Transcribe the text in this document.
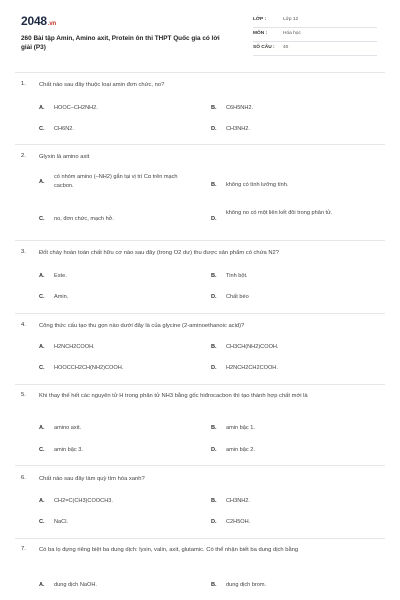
2048.vn
260 Bài tập Amin, Amino axit, Protein ôn thi THPT Quốc gia có lời giải (P3)
LỚP :	Lớp 12
MÔN :	Hóa học
SỐ CÂU : 40
1. Chất nào sau đây thuộc loại amin đơn chức, no?
A. HOOC–CH2NH2.	B. C6H5NH2.
C. CH6N2.	D. CH3NH2.
2. Glyxin là amino axit
A.
có nhóm amino (–NH2) gắn tại vị trí Cα trên mạch cacbon.	B. không có tính lưỡng tính.
C. no, đơn chức, mạch hở.	D.
không no có một liên kết đôi trong phân tử.
3. Đốt cháy hoàn toàn chất hữu cơ nào sau đây (trong O2 dư) thu được sản phẩm có chứa N2?
A. Este.	B. Tinh bột.
C. Amin.	D. Chất béo
4. Công thức cấu tạo thu gọn nào dưới đây là của glycine (2-aminoethanoic acid)?
A. H2NCH2COOH.	B. CH3CH(NH2)COOH.
C. HOOCCH2CH(NH2)COOH.	D. H2NCH2CH2COOH.
5. Khi thay thế hết các nguyên tử H trong phân tử NH3 bằng gốc hiđrocacbon thì tạo thành hợp chất mới là
A. amino axit.	B. amin bậc 1.
C. amin bậc 3.	D. amin bậc 2.
6. Chất nào sau đây làm quỳ tím hóa xanh?
A. CH2=C(CH3)COOCH3.	B. CH3NH2.
C. NaCl.	D. C2H5OH.
7. Có ba lọ đựng riêng biệt ba dung dịch: lysin, valin, axit, glutamic. Có thể nhận biết ba dung dịch bằng
A. dung dịch NaOH.	B. dung dịch brom.
